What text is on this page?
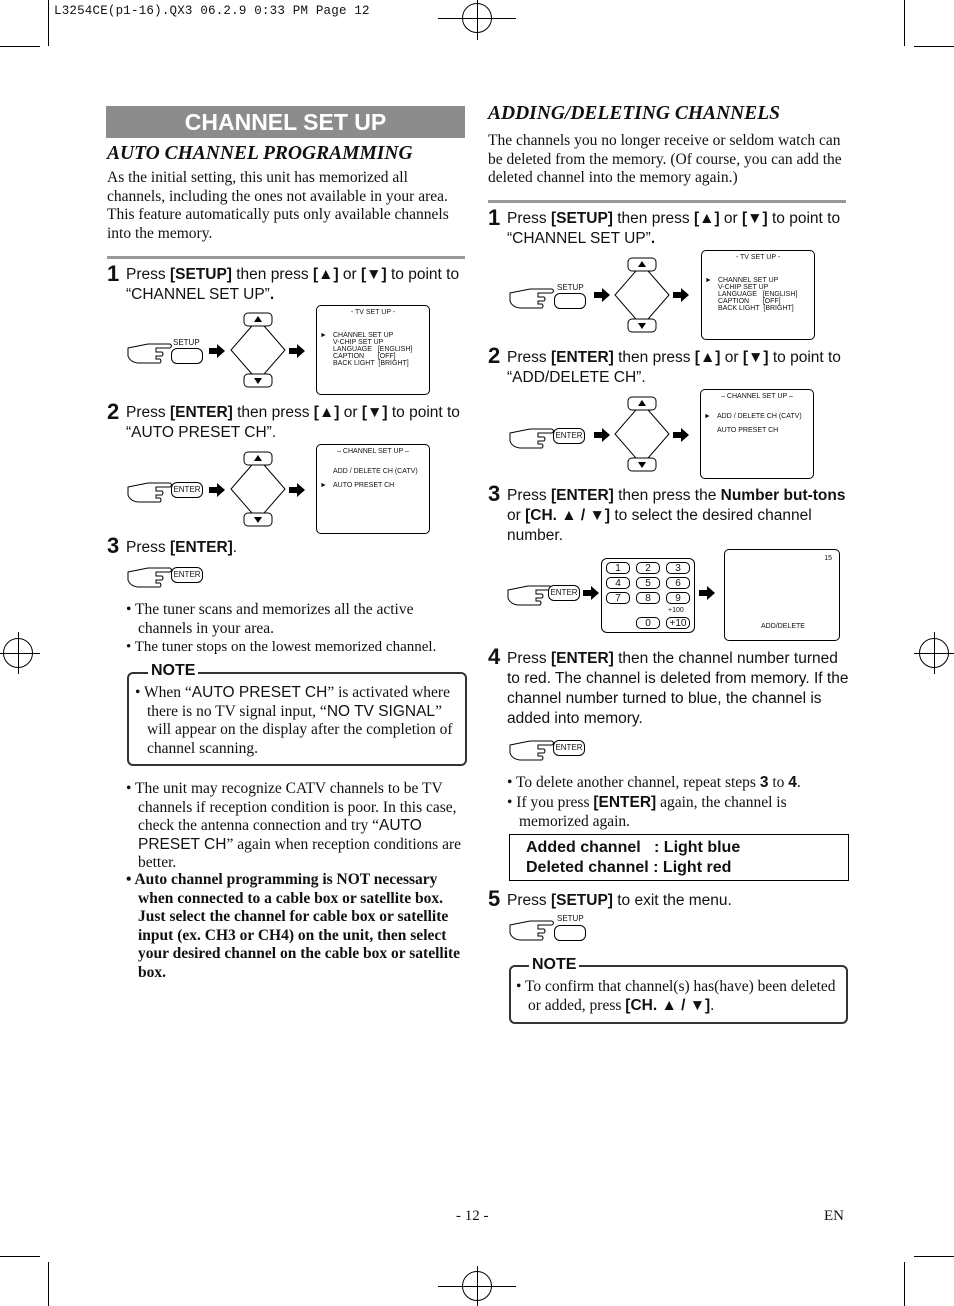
L3254CE(p1-16).QX3 06.2.9 0:33 PM Page 12
CHANNEL SET UP
AUTO CHANNEL PROGRAMMING
As the initial setting, this unit has memorized all channels, including the ones not available in your area. This feature automatically puts only available channels into the memory.
1 Press [SETUP] then press [▲] or [▼] to point to “CHANNEL SET UP”.
SETUP
- TV SET UP -
► CHANNEL SET UP
V-CHIP SET UP
LANGUAGE   [ENGLISH]
CAPTION       [OFF]
BACK LIGHT  [BRIGHT]
2 Press [ENTER] then press [▲] or [▼] to point to “AUTO PRESET CH”.
ENTER
– CHANNEL SET UP –
ADD / DELETE CH (CATV)
► AUTO PRESET CH
3 Press [ENTER].
ENTER
• The tuner scans and memorizes all the active channels in your area.
• The tuner stops on the lowest memorized channel.
NOTE
• When “AUTO PRESET CH” is activated where there is no TV signal input, “NO TV SIGNAL” will appear on the display after the completion of channel scanning.
• The unit may recognize CATV channels to be TV channels if reception condition is poor. In this case, check the antenna connection and try “AUTO PRESET CH” again when reception conditions are better.
• Auto channel programming is NOT necessary when connected to a cable box or satellite box. Just select the channel for cable box or satellite input (ex. CH3 or CH4) on the unit, then select your desired channel on the cable box or satellite box.
ADDING/DELETING CHANNELS
The channels you no longer receive or seldom watch can be deleted from the memory. (Of course, you can add the deleted channel into the memory again.)
1 Press [SETUP] then press [▲] or [▼] to point to “CHANNEL SET UP”.
SETUP
- TV SET UP -
► CHANNEL SET UP
V-CHIP SET UP
LANGUAGE   [ENGLISH]
CAPTION       [OFF]
BACK LIGHT  [BRIGHT]
2 Press [ENTER] then press [▲] or [▼] to point to “ADD/DELETE CH”.
ENTER
– CHANNEL SET UP –
► ADD / DELETE CH (CATV)
AUTO PRESET CH
3 Press [ENTER] then press the Number but-tons or [CH. ▲ / ▼] to select the desired channel number.
ENTER
1	2	3
4	5	6
7	8	9
+100
0	+10
15
ADD/DELETE
4 Press [ENTER] then the channel number turned to red. The channel is deleted from memory. If the channel number turned to blue, the channel is added into memory.
ENTER
• To delete another channel, repeat steps 3 to 4.
• If you press [ENTER] again, the channel is memorized again.
Added channel   : Light blue
Deleted channel : Light red
5 Press [SETUP] to exit the menu.
SETUP
NOTE
• To confirm that channel(s) has(have) been deleted or added, press [CH. ▲ / ▼].
- 12 -	EN
